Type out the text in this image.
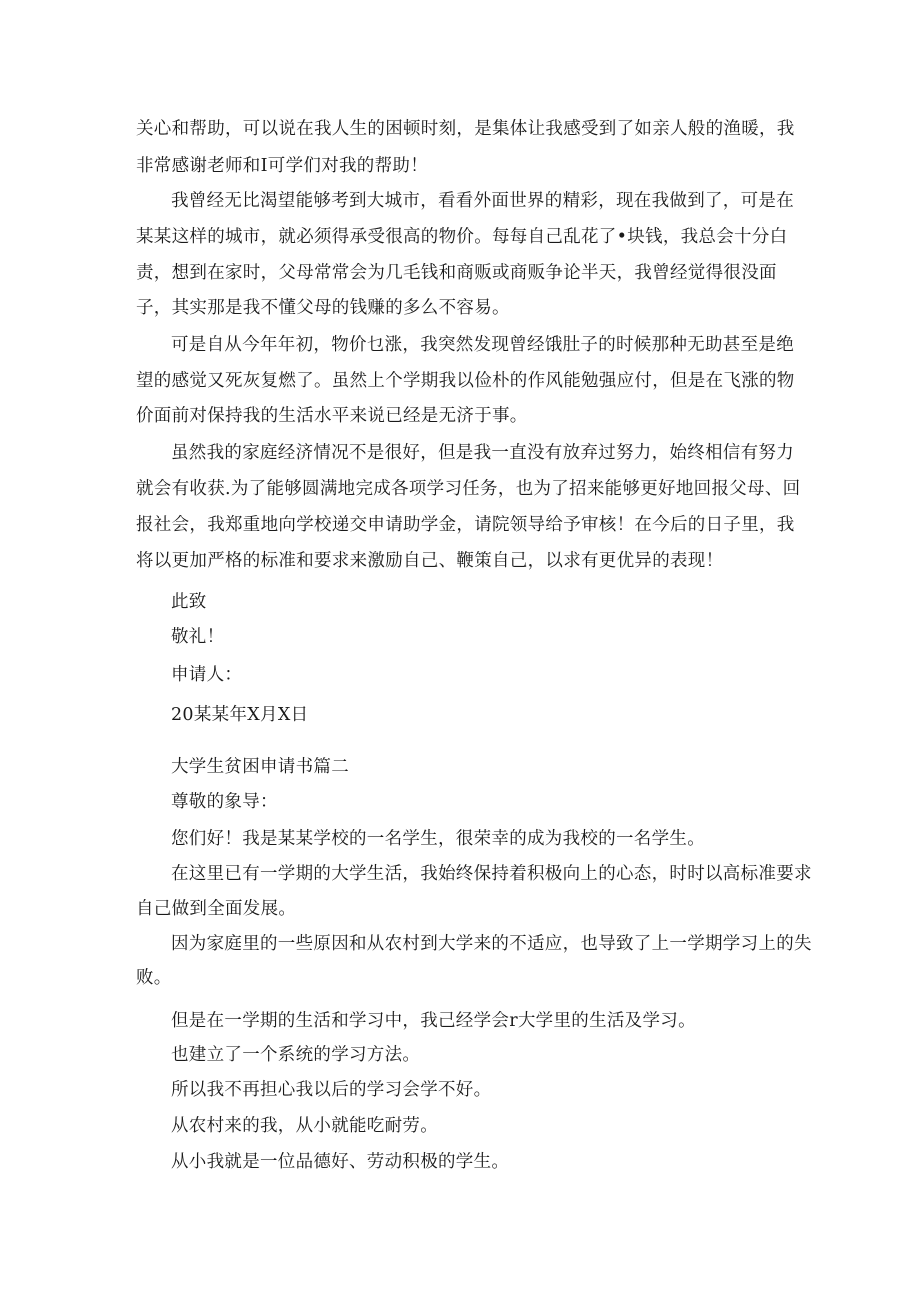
关心和帮助，可以说在我人生的困顿时刻，是集体让我感受到了如亲人般的渔暖，我
非常感谢老师和I可学们对我的帮助！
我曾经无比渴望能够考到大城市，看看外面世界的精彩，现在我做到了，可是在
某某这样的城市，就必须得承受很高的物价。每每自己乱花了•块钱，我总会十分白
责，想到在家时，父母常常会为几毛钱和商贩或商贩争论半天，我曾经觉得很没面
子，其实那是我不懂父母的钱赚的多么不容易。
可是自从今年年初，物价乜涨，我突然发现曾经饿肚子的时候那种无助甚至是绝
望的感觉又死灰复燃了。虽然上个学期我以俭朴的作风能勉强应付，但是在飞涨的物
价面前对保持我的生活水平来说已经是无济于事。
虽然我的家庭经济情况不是很好，但是我一直没有放弃过努力，始终相信有努力
就会有收获.为了能够圆满地完成各项学习任务，也为了招来能够更好地回报父母、回
报社会，我郑重地向学校递交申请助学金，请院领导给予审核！在今后的日子里，我
将以更加严格的标准和要求来激励自己、鞭策自己，以求有更优异的表现！
此致
敬礼！
申请人：
20某某年X月X日
大学生贫困申请书篇二
尊敬的象导：
您们好！我是某某学校的一名学生，很荣幸的成为我校的一名学生。
在这里已有一学期的大学生活，我始终保持着积极向上的心态，时时以高标准要求
自己做到全面发展。
因为家庭里的一些原因和从农村到大学来的不适应，也导致了上一学期学习上的失
败。
但是在一学期的生活和学习中，我己经学会r大学里的生活及学习。
也建立了一个系统的学习方法。
所以我不再担心我以后的学习会学不好。
从农村来的我，从小就能吃耐劳。
从小我就是一位品德好、劳动积极的学生。
